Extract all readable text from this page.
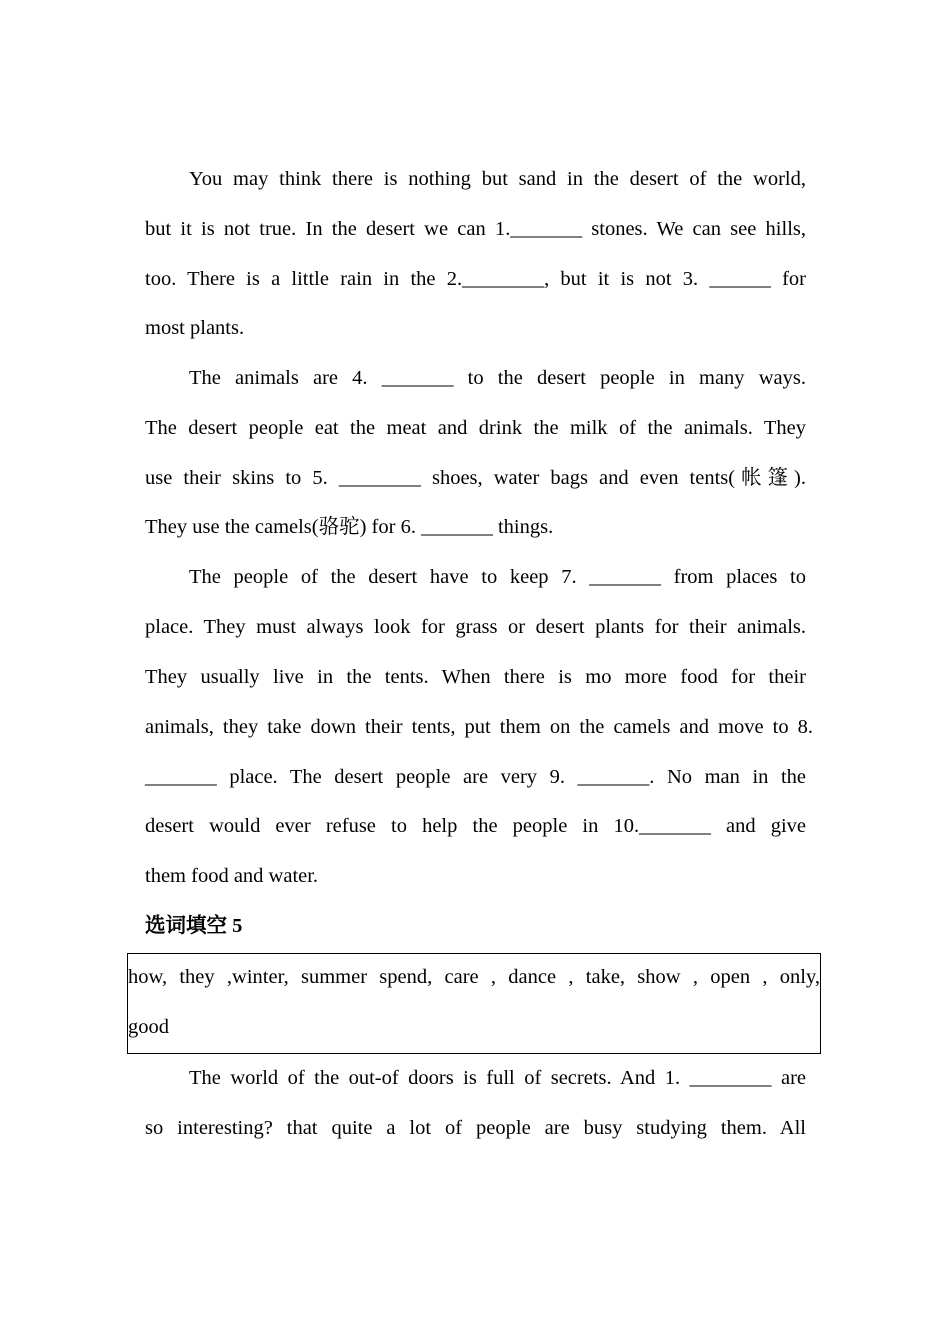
You may think there is nothing but sand in the desert of the world,
but it is not true. In the desert we can 1._______ stones. We can see hills,
too. There is a little rain in the 2.________, but it is not 3. ______ for
most plants.
The animals are 4. _______ to the desert people in many ways.
The desert people eat the meat and drink the milk of the animals. They
use their skins to 5. ________ shoes, water bags and even tents(帐篷).
They use the camels(骆驼) for 6. _______ things.
The people of the desert have to keep 7. _______ from places to
place. They must always look for grass or desert plants for their animals.
They usually live in the tents. When there is mo more food for their
animals, they take down their tents, put them on the camels and move to 8.
_______ place. The desert people are very 9. _______. No man in the
desert would ever refuse to help the people in 10._______ and give
them food and water.
选词填空 5
how, they ,winter, summer spend, care , dance , take, show , open , only,
good
The world of the out-of doors is full of secrets. And 1. ________ are
so interesting? that quite a lot of people are busy studying them. All
